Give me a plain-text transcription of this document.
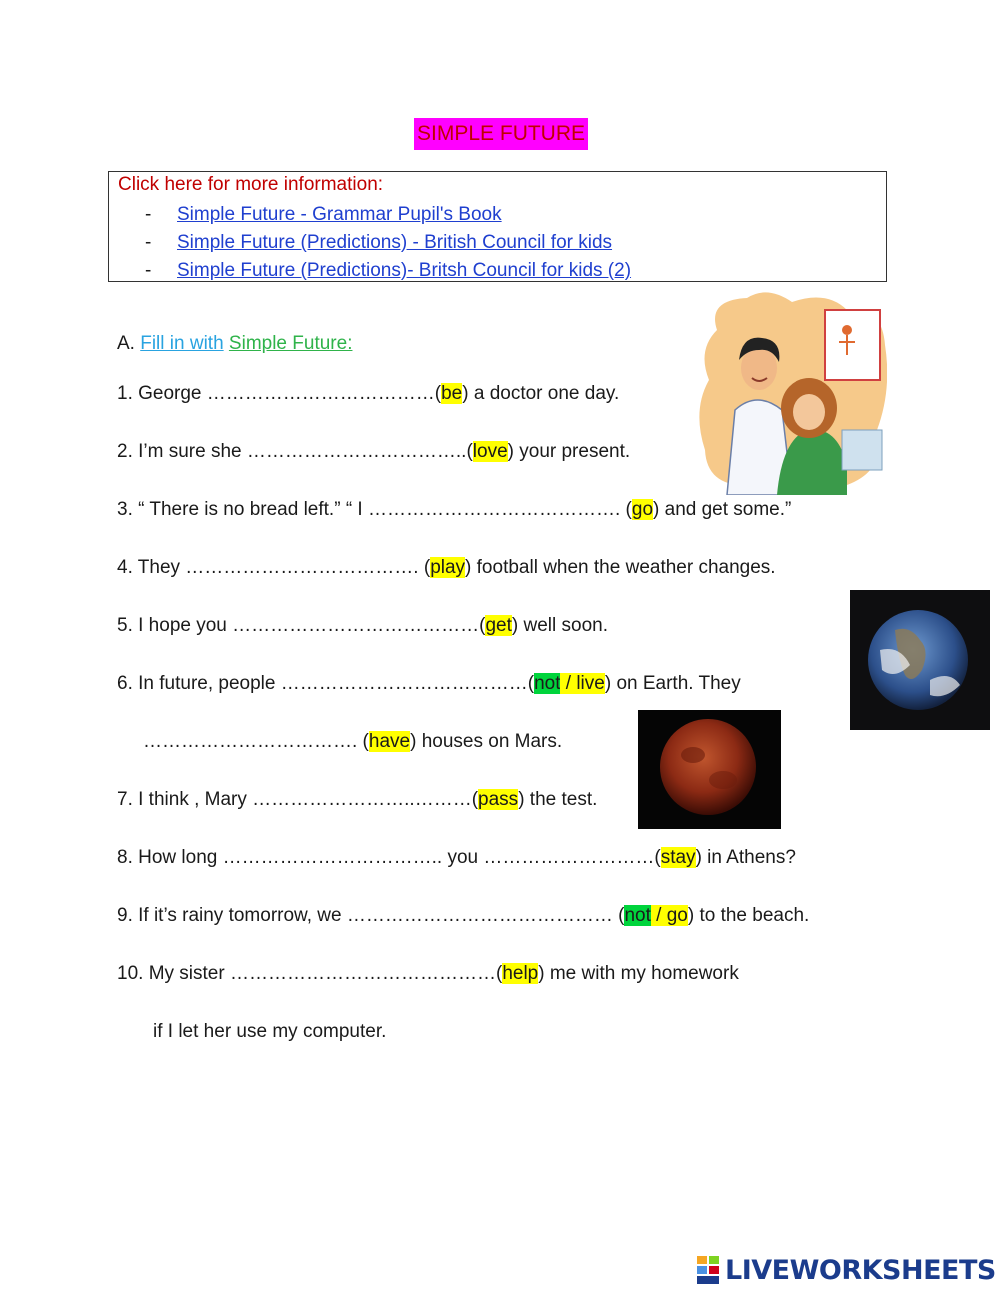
SIMPLE FUTURE
Click here for more information:
- Simple Future - Grammar Pupil's Book
- Simple Future (Predictions) - British Council for kids
- Simple Future (Predictions)- Britsh Council for kids (2)
A. Fill in with Simple Future:
1. George ………………………………(be) a doctor one day.
2. I’m sure she ……………………………..(love) your present.
3. “ There is no bread left.” “ I …………………………………. (go) and get some.”
4. They ………………………………. (play) football when the weather changes.
5. I hope you …………………………………(get) well soon.
6. In future, people …………………………………(not / live) on Earth. They
……………………………. (have) houses on Mars.
7. I think , Mary ……………………..………(pass) the test.
8. How long …………………………….. you ………………………(stay) in Athens?
9. If it’s rainy tomorrow, we …………………………………… (not / go) to the beach.
10. My sister ……………………………………(help) me with my homework
if I let her use my computer.
LIVEWORKSHEETS
